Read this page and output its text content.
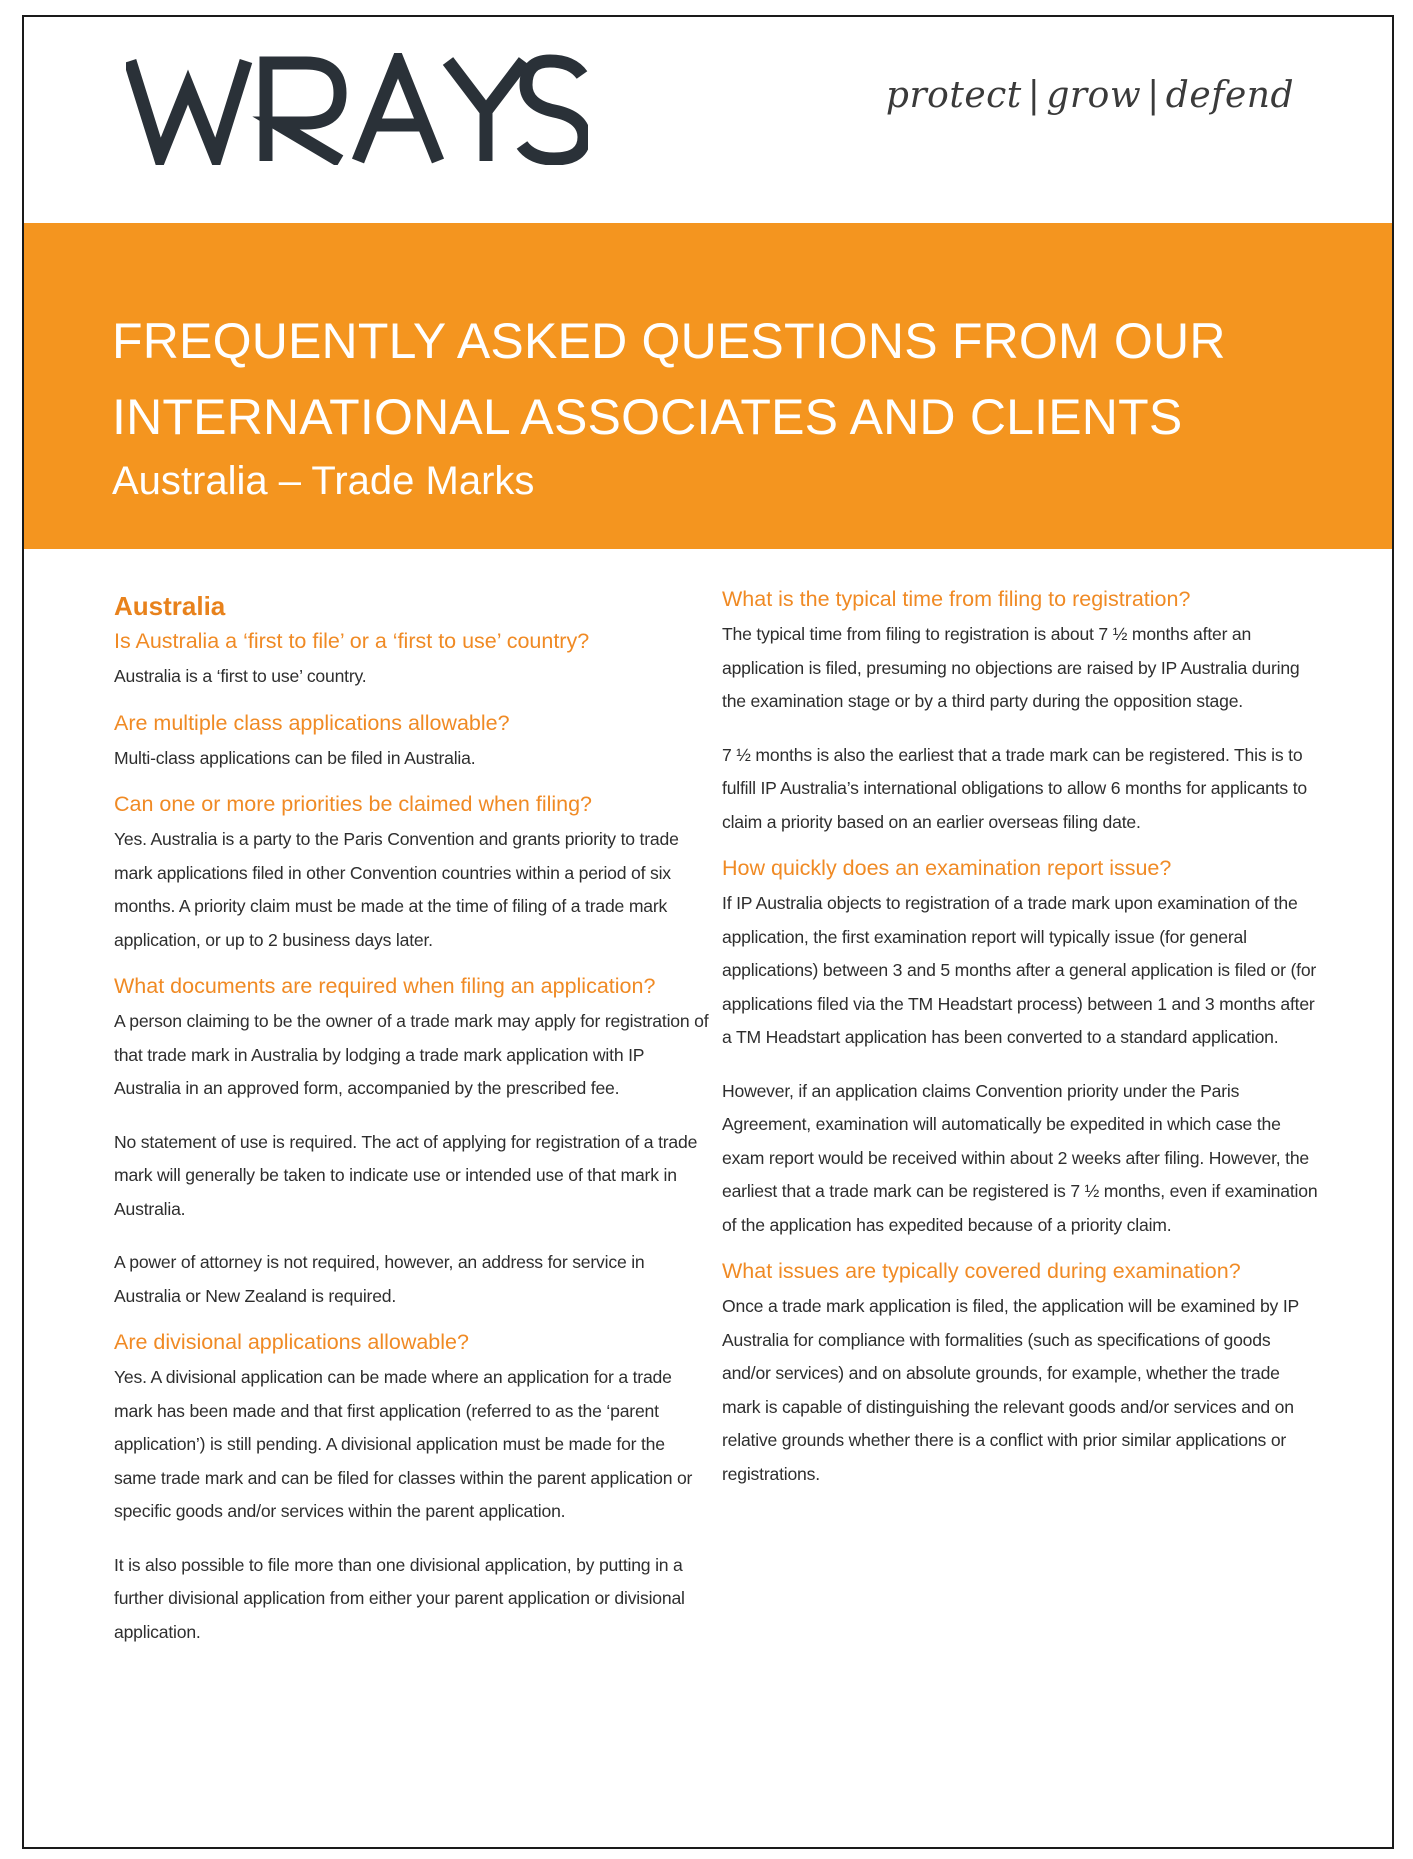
protect | grow | defend
FREQUENTLY ASKED QUESTIONS FROM OUR
INTERNATIONAL ASSOCIATES AND CLIENTS
Australia – Trade Marks
Australia

Is Australia a ‘first to file’ or a ‘first to use’ country?

Australia is a ‘first to use’ country.

Are multiple class applications allowable?

Multi-class applications can be filed in Australia.

Can one or more priorities be claimed when filing?

Yes. Australia is a party to the Paris Convention and grants priority to trade mark applications filed in other Convention countries within a period of six months. A priority claim must be made at the time of filing of a trade mark application, or up to 2 business days later.

What documents are required when filing an application?

A person claiming to be the owner of a trade mark may apply for registration of that trade mark in Australia by lodging a trade mark application with IP Australia in an approved form, accompanied by the prescribed fee.

No statement of use is required. The act of applying for registration of a trade mark will generally be taken to indicate use or intended use of that mark in Australia.

A power of attorney is not required, however, an address for service in Australia or New Zealand is required.

Are divisional applications allowable?

Yes. A divisional application can be made where an application for a trade mark has been made and that first application (referred to as the ‘parent application’) is still pending. A divisional application must be made for the same trade mark and can be filed for classes within the parent application or specific goods and/or services within the parent application.

It is also possible to file more than one divisional application, by putting in a further divisional application from either your parent application or divisional application.

What is the typical time from filing to registration?

The typical time from filing to registration is about 7 ½ months after an application is filed, presuming no objections are raised by IP Australia during the examination stage or by a third party during the opposition stage.

7 ½ months is also the earliest that a trade mark can be registered. This is to fulfill IP Australia’s international obligations to allow 6 months for applicants to claim a priority based on an earlier overseas filing date.

How quickly does an examination report issue?

If IP Australia objects to registration of a trade mark upon examination of the application, the first examination report will typically issue (for general applications) between 3 and 5 months after a general application is filed or (for applications filed via the TM Headstart process) between 1 and 3 months after a TM Headstart application has been converted to a standard application.

However, if an application claims Convention priority under the Paris Agreement, examination will automatically be expedited in which case the exam report would be received within about 2 weeks after filing. However, the earliest that a trade mark can be registered is 7 ½ months, even if examination of the application has expedited because of a priority claim.

What issues are typically covered during examination?

Once a trade mark application is filed, the application will be examined by IP Australia for compliance with formalities (such as specifications of goods and/or services) and on absolute grounds, for example, whether the trade mark is capable of distinguishing the relevant goods and/or services and on relative grounds whether there is a conflict with prior similar applications or registrations.
